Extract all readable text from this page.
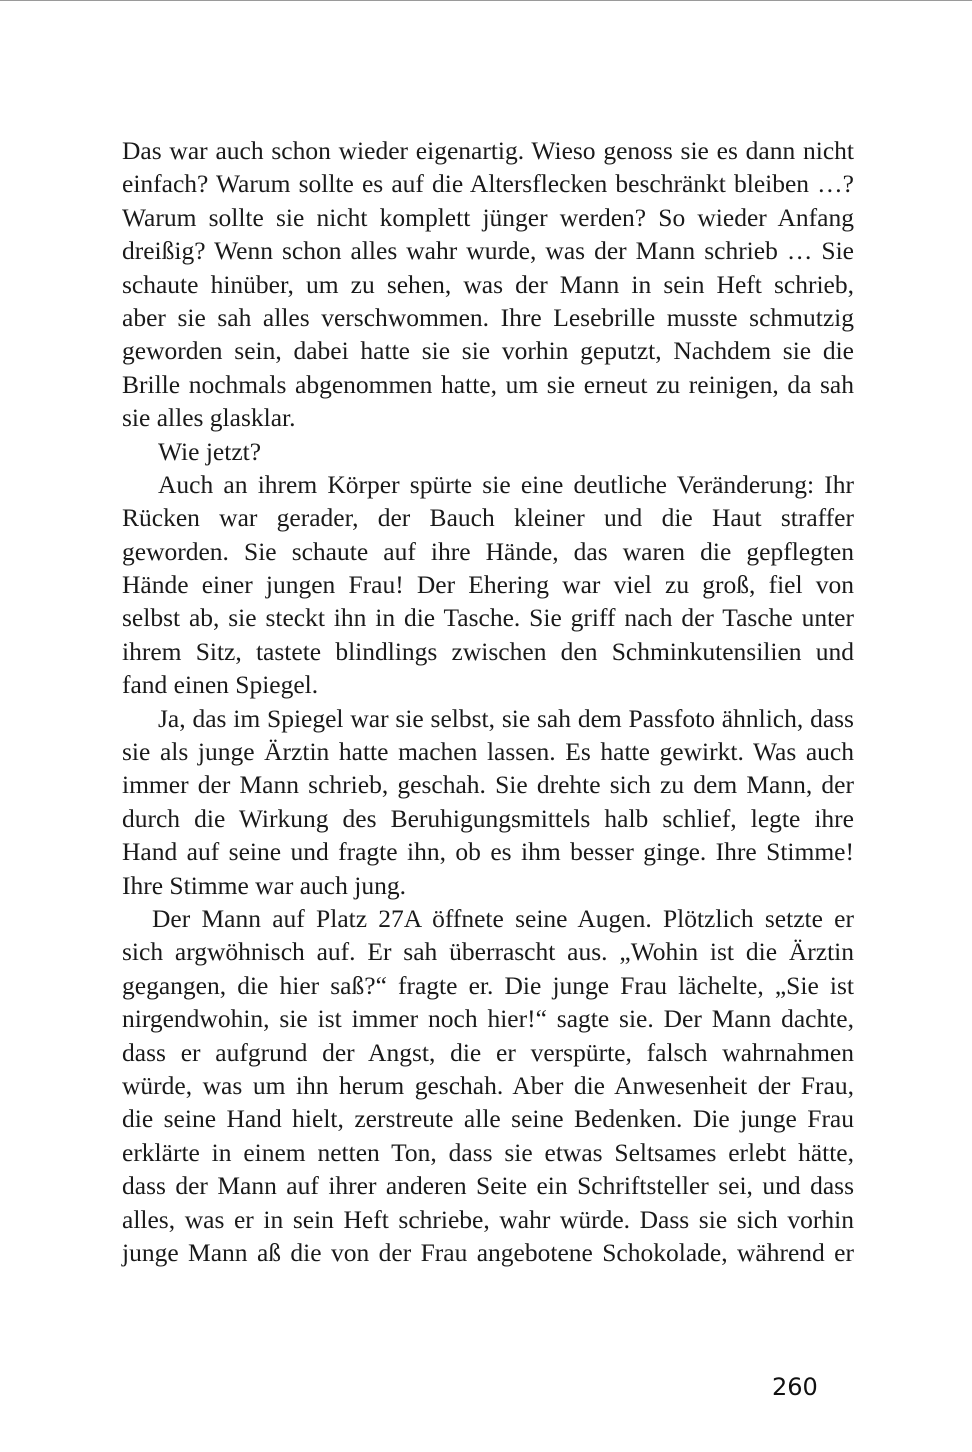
Das war auch schon wieder eigenartig. Wieso genoss sie es dann nicht
einfach? Warum sollte es auf die Altersflecken beschränkt bleiben …?
Warum sollte sie nicht komplett jünger werden? So wieder Anfang
dreißig? Wenn schon alles wahr wurde, was der Mann schrieb … Sie
schaute hinüber, um zu sehen, was der Mann in sein Heft schrieb,
aber sie sah alles verschwommen. Ihre Lesebrille musste schmutzig
geworden sein, dabei hatte sie sie vorhin geputzt, Nachdem sie die
Brille nochmals abgenommen hatte, um sie erneut zu reinigen, da sah
sie alles glasklar.
Wie jetzt?
Auch an ihrem Körper spürte sie eine deutliche Veränderung: Ihr
Rücken war gerader, der Bauch kleiner und die Haut straffer
geworden. Sie schaute auf ihre Hände, das waren die gepflegten
Hände einer jungen Frau! Der Ehering war viel zu groß, fiel von
selbst ab, sie steckt ihn in die Tasche. Sie griff nach der Tasche unter
ihrem Sitz, tastete blindlings zwischen den Schminkutensilien und
fand einen Spiegel.
Ja, das im Spiegel war sie selbst, sie sah dem Passfoto ähnlich, dass
sie als junge Ärztin hatte machen lassen. Es hatte gewirkt. Was auch
immer der Mann schrieb, geschah. Sie drehte sich zu dem Mann, der
durch die Wirkung des Beruhigungsmittels halb schlief, legte ihre
Hand auf seine und fragte ihn, ob es ihm besser ginge. Ihre Stimme!
Ihre Stimme war auch jung.
Der Mann auf Platz 27A öffnete seine Augen. Plötzlich setzte er
sich argwöhnisch auf. Er sah überrascht aus. „Wohin ist die Ärztin
gegangen, die hier saß?“ fragte er. Die junge Frau lächelte, „Sie ist
nirgendwohin, sie ist immer noch hier!“ sagte sie. Der Mann dachte,
dass er aufgrund der Angst, die er verspürte, falsch wahrnahmen
würde, was um ihn herum geschah. Aber die Anwesenheit der Frau,
die seine Hand hielt, zerstreute alle seine Bedenken. Die junge Frau
erklärte in einem netten Ton, dass sie etwas Seltsames erlebt hätte,
dass der Mann auf ihrer anderen Seite ein Schriftsteller sei, und dass
alles, was er in sein Heft schriebe, wahr würde. Dass sie sich vorhin
junge Mann aß die von der Frau angebotene Schokolade, während er
260
